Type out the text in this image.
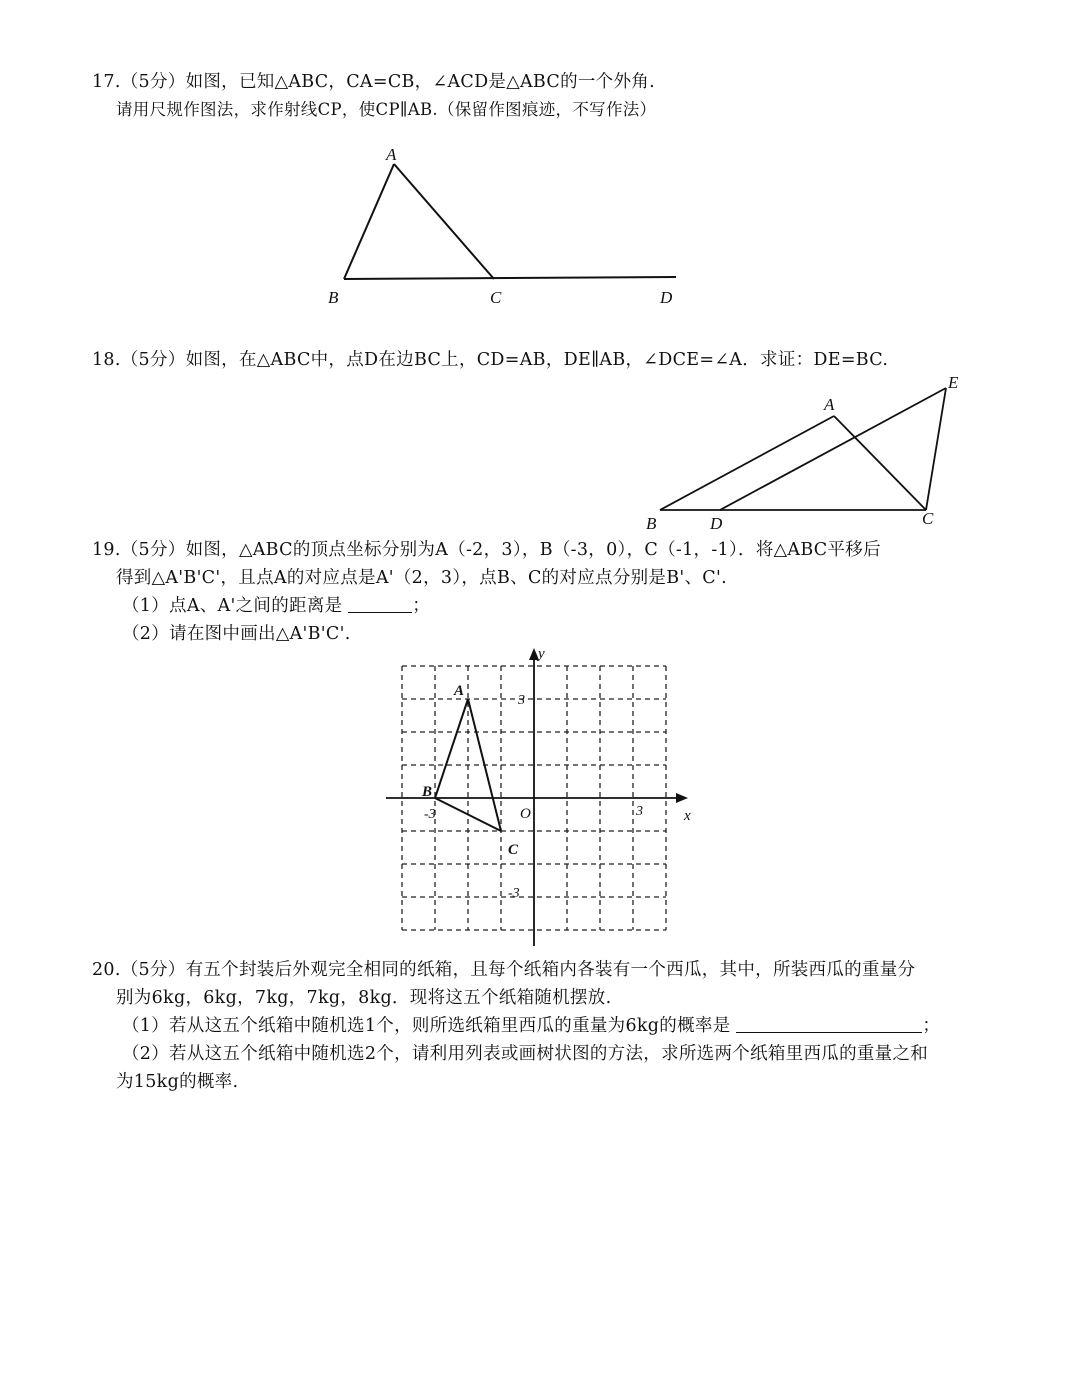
17.（5分）如图，已知△ABC，CA=CB，∠ACD是△ABC的一个外角.
请用尺规作图法，求作射线CP，使CP∥AB.（保留作图痕迹，不写作法）
A
B	C	D
18.（5分）如图，在△ABC中，点D在边BC上，CD=AB，DE∥AB，∠DCE=∠A．求证：DE=BC.
A
B	D	C
E
19.（5分）如图，△ABC的顶点坐标分别为A（-2，3），B（-3，0），C（-1，-1）．将△ABC平移后
得到△A'B'C'，且点A的对应点是A'（2，3），点B、C的对应点分别是B'、C'.
（1）点A、A'之间的距离是	；
（2）请在图中画出△A'B'C'.
y
x
O
3
-3
-3	3
A
B
C
20.（5分）有五个封装后外观完全相同的纸箱，且每个纸箱内各装有一个西瓜，其中，所装西瓜的重量分
别为6kg，6kg，7kg，7kg，8kg．现将这五个纸箱随机摆放.
（1）若从这五个纸箱中随机选1个，则所选纸箱里西瓜的重量为6kg的概率是	；
（2）若从这五个纸箱中随机选2个，请利用列表或画树状图的方法，求所选两个纸箱里西瓜的重量之和
为15kg的概率.
